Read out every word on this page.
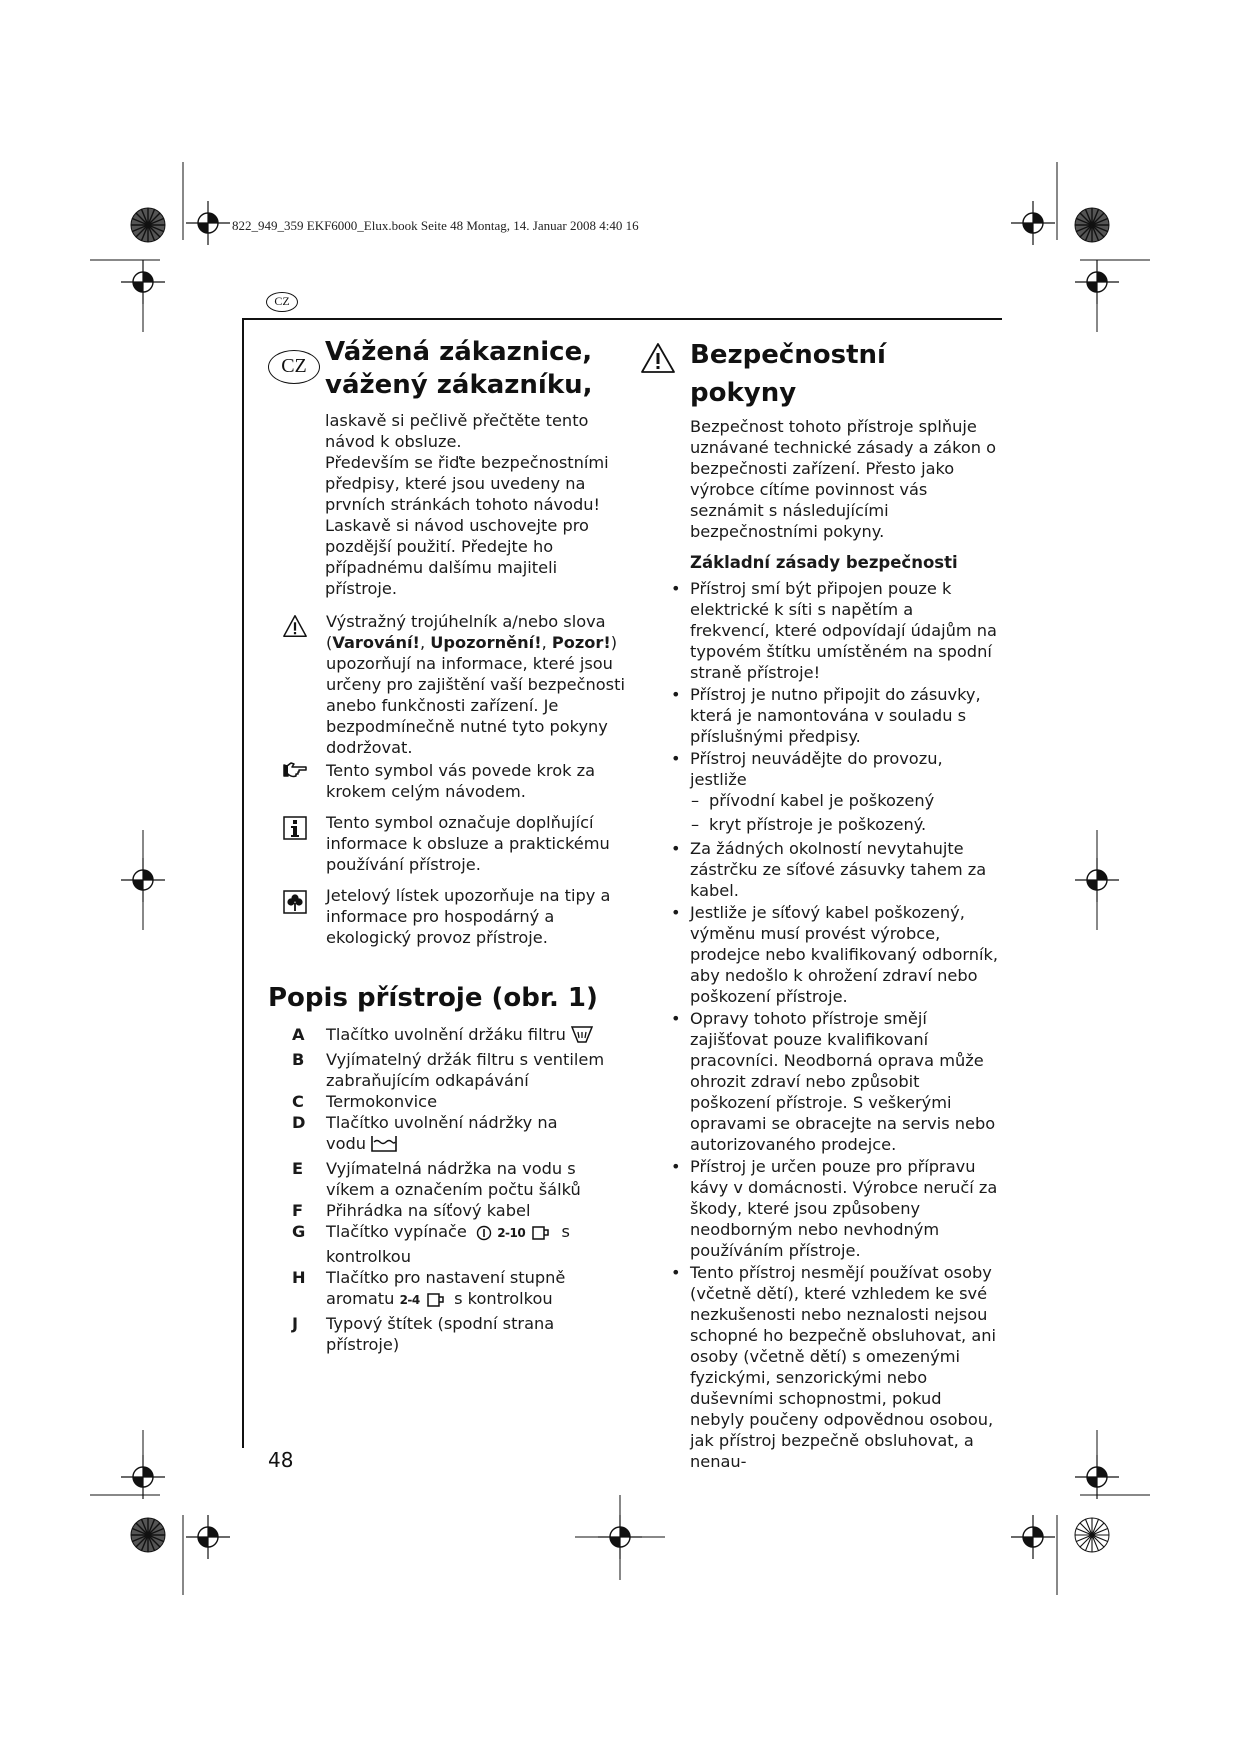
822_949_359 EKF6000_Elux.book Seite 48 Montag, 14. Januar 2008 4:40 16
CZ
CZ Vážená zákaznice,
vážený zákazníku,

laskavě si pečlivě přečtěte tento návod k obsluze.

Především se řiďte bezpečnostními předpisy, které jsou uvedeny na prvních stránkách tohoto návodu!

Laskavě si návod uschovejte pro pozdější použití. Předejte ho případnému dalšímu majiteli přístroje.

Výstražný trojúhelník a/nebo slova (Varování!, Upozornění!, Pozor!) upozorňují na informace, které jsou určeny pro zajištění vaší bezpečnosti anebo funkčnosti zařízení. Je bezpodmínečně nutné tyto pokyny dodržovat.

Tento symbol vás povede krok za krokem celým návodem.

Tento symbol označuje doplňující informace k obsluze a praktickému používání přístroje.

Jetelový lístek upozorňuje na tipy a informace pro hospodárný a ekologický provoz přístroje.

Popis přístroje (obr. 1)
A	Tlačítko uvolnění držáku filtru
B	Vyjímatelný držák filtru s ventilem zabraňujícím odkapávání
C	Termokonvice
D	Tlačítko uvolnění nádržky na vodu
E	Vyjímatelná nádržka na vodu s víkem a označením počtu šálků
F	Přihrádka na síťový kabel
G	Tlačítko vypínače	2-10 s kontrolkou
H	Tlačítko pro nastavení stupně aromatu 2-4 s kontrolkou
J	Typový štítek (spodní strana přístroje)
48
Bezpečnostní pokyny

Bezpečnost tohoto přístroje splňuje uznávané technické zásady a zákon o bezpečnosti zařízení. Přesto jako výrobce cítíme povinnost vás seznámit s následujícími bezpečnostními pokyny.

Základní zásady bezpečnosti
• Přístroj smí být připojen pouze k elektrické k síti s napětím a frekvencí, které odpovídají údajům na typovém štítku umístěném na spodní straně přístroje!
• Přístroj je nutno připojit do zásuvky, která je namontována v souladu s příslušnými předpisy.
• Přístroj neuvádějte do provozu, jestliže
– přívodní kabel je poškozený
– kryt přístroje je poškozený.
• Za žádných okolností nevytahujte zástrčku ze síťové zásuvky tahem za kabel.
• Jestliže je síťový kabel poškozený, výměnu musí provést výrobce, prodejce nebo kvalifikovaný odborník, aby nedošlo k ohrožení zdraví nebo poškození přístroje.
• Opravy tohoto přístroje smějí zajišťovat pouze kvalifikovaní pracovníci. Neodborná oprava může ohrozit zdraví nebo způsobit poškození přístroje. S veškerými opravami se obracejte na servis nebo autorizovaného prodejce.
• Přístroj je určen pouze pro přípravu kávy v domácnosti. Výrobce neručí za škody, které jsou způsobeny neodborným nebo nevhodným používáním přístroje.
• Tento přístroj nesmějí používat osoby (včetně dětí), které vzhledem ke své nezkušenosti nebo neznalosti nejsou schopné ho bezpečně obsluhovat, ani osoby (včetně dětí) s omezenými fyzickými, senzorickými nebo duševními schopnostmi, pokud nebyly poučeny odpovědnou osobou, jak přístroj bezpečně obsluhovat, a nenau-
